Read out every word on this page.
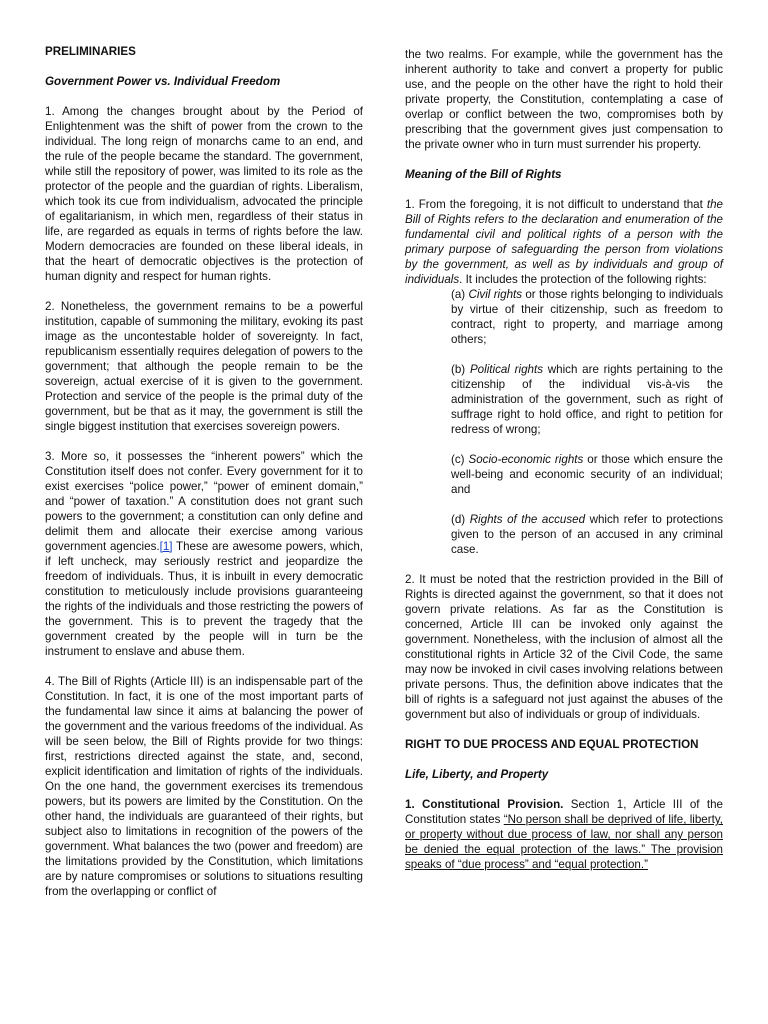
PRELIMINARIES

Government Power vs. Individual Freedom

1. Among the changes brought about by the Period of Enlightenment was the shift of power from the crown to the individual. The long reign of monarchs came to an end, and the rule of the people became the standard. The government, while still the repository of power, was limited to its role as the protector of the people and the guardian of rights. Liberalism, which took its cue from individualism, advocated the principle of egalitarianism, in which men, regardless of their status in life, are regarded as equals in terms of rights before the law. Modern democracies are founded on these liberal ideals, in that the heart of democratic objectives is the protection of human dignity and respect for human rights.

2. Nonetheless, the government remains to be a powerful institution, capable of summoning the military, evoking its past image as the uncontestable holder of sovereignty. In fact, republicanism essentially requires delegation of powers to the government; that although the people remain to be the sovereign, actual exercise of it is given to the government. Protection and service of the people is the primal duty of the government, but be that as it may, the government is still the single biggest institution that exercises sovereign powers.

3. More so, it possesses the “inherent powers” which the Constitution itself does not confer. Every government for it to exist exercises “police power,” “power of eminent domain,” and “power of taxation.” A constitution does not grant such powers to the government; a constitution can only define and delimit them and allocate their exercise among various government agencies.[1] These are awesome powers, which, if left uncheck, may seriously restrict and jeopardize the freedom of individuals. Thus, it is inbuilt in every democratic constitution to meticulously include provisions guaranteeing the rights of the individuals and those restricting the powers of the government. This is to prevent the tragedy that the government created by the people will in turn be the instrument to enslave and abuse them.

4. The Bill of Rights (Article III) is an indispensable part of the Constitution. In fact, it is one of the most important parts of the fundamental law since it aims at balancing the power of the government and the various freedoms of the individual. As will be seen below, the Bill of Rights provide for two things: first, restrictions directed against the state, and, second, explicit identification and limitation of rights of the individuals. On the one hand, the government exercises its tremendous powers, but its powers are limited by the Constitution. On the other hand, the individuals are guaranteed of their rights, but subject also to limitations in recognition of the powers of the government. What balances the two (power and freedom) are the limitations provided by the Constitution, which limitations are by nature compromises or solutions to situations resulting from the overlapping or conflict of

the two realms. For example, while the government has the inherent authority to take and convert a property for public use, and the people on the other have the right to hold their private property, the Constitution, contemplating a case of overlap or conflict between the two, compromises both by prescribing that the government gives just compensation to the private owner who in turn must surrender his property.

Meaning of the Bill of Rights

1. From the foregoing, it is not difficult to understand that the Bill of Rights refers to the declaration and enumeration of the fundamental civil and political rights of a person with the primary purpose of safeguarding the person from violations by the government, as well as by individuals and group of individuals. It includes the protection of the following rights:

(a) Civil rights or those rights belonging to individuals by virtue of their citizenship, such as freedom to contract, right to property, and marriage among others;

(b) Political rights which are rights pertaining to the citizenship of the individual vis-à-vis the administration of the government, such as right of suffrage right to hold office, and right to petition for redress of wrong;

(c) Socio-economic rights or those which ensure the well-being and economic security of an individual; and

(d) Rights of the accused which refer to protections given to the person of an accused in any criminal case.

2. It must be noted that the restriction provided in the Bill of Rights is directed against the government, so that it does not govern private relations. As far as the Constitution is concerned, Article III can be invoked only against the government. Nonetheless, with the inclusion of almost all the constitutional rights in Article 32 of the Civil Code, the same may now be invoked in civil cases involving relations between private persons. Thus, the definition above indicates that the bill of rights is a safeguard not just against the abuses of the government but also of individuals or group of individuals.

RIGHT TO DUE PROCESS AND EQUAL PROTECTION

Life, Liberty, and Property

1. Constitutional Provision. Section 1, Article III of the Constitution states “No person shall be deprived of life, liberty, or property without due process of law, nor shall any person be denied the equal protection of the laws.” The provision speaks of “due process” and “equal protection.”
